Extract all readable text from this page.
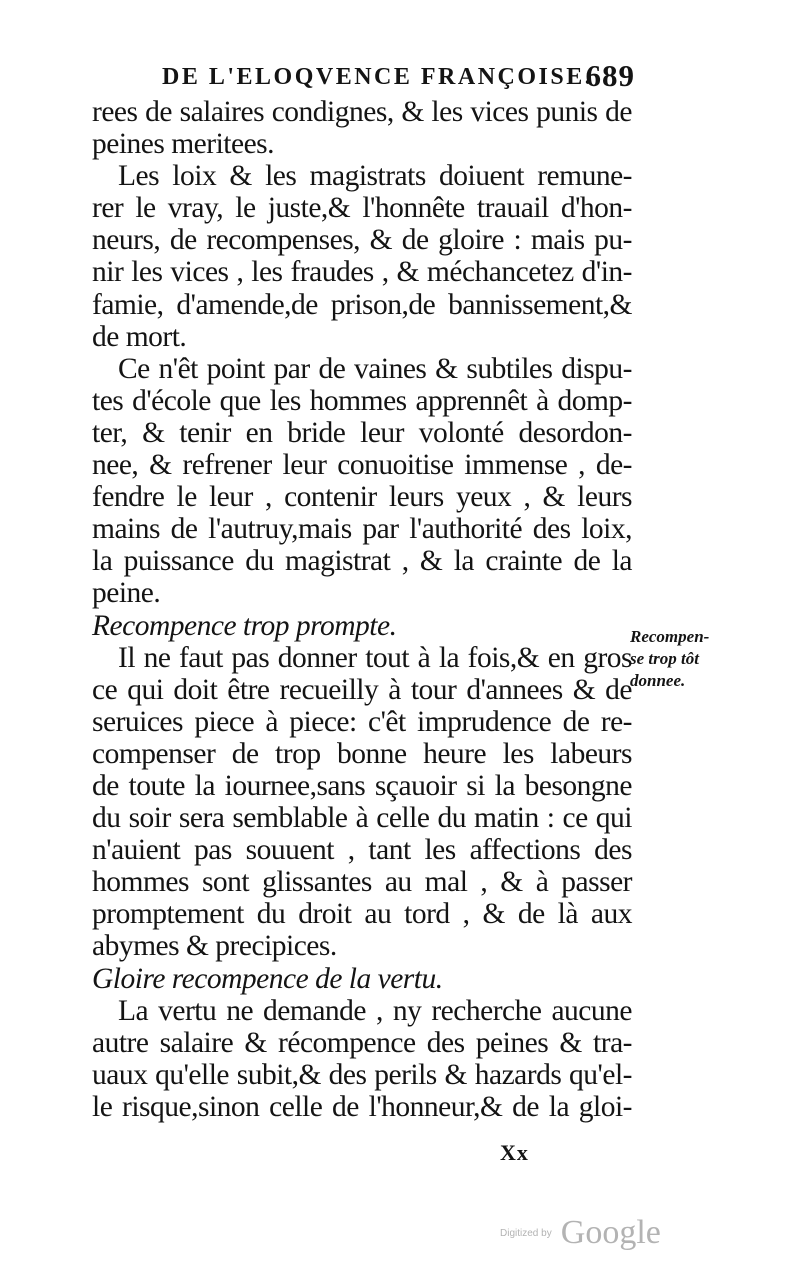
DE L'ELOQVENCE FRANÇOISE.
689
rees de salaires condignes, & les vices punis de
peines meritees.
Les loix & les magistrats doiuent remune-
rer le vray, le juste,& l'honnête trauail d'hon-
neurs, de recompenses, & de gloire : mais pu-
nir les vices , les fraudes , & méchancetez d'in-
famie, d'amende,de prison,de bannissement,&
de mort.
Ce n'êt point par de vaines & subtiles dispu-
tes d'école que les hommes apprennêt à domp-
ter, & tenir en bride leur volonté desordon-
nee, & refrener leur conuoitise immense , de-
fendre le leur , contenir leurs yeux , & leurs
mains de l'autruy,mais par l'authorité des loix,
la puissance du magistrat , & la crainte de la
peine.
Recompence trop prompte.
Il ne faut pas donner tout à la fois,& en gros
ce qui doit être recueilly à tour d'annees & de
seruices piece à piece: c'êt imprudence de re-
compenser de trop bonne heure les labeurs
de toute la iournee,sans sçauoir si la besongne
du soir sera semblable à celle du matin : ce qui
n'auient pas souuent , tant les affections des
hommes sont glissantes au mal , & à passer
promptement du droit au tord , & de là aux
abymes & precipices.
Gloire recompence de la vertu.
La vertu ne demande , ny recherche aucune
autre salaire & récompence des peines & tra-
uaux qu'elle subit,& des perils & hazards qu'el-
le risque,sinon celle de l'honneur,& de la gloi-
Recompen-
se trop tôt
donnee.
Xx
Digitized by Google
